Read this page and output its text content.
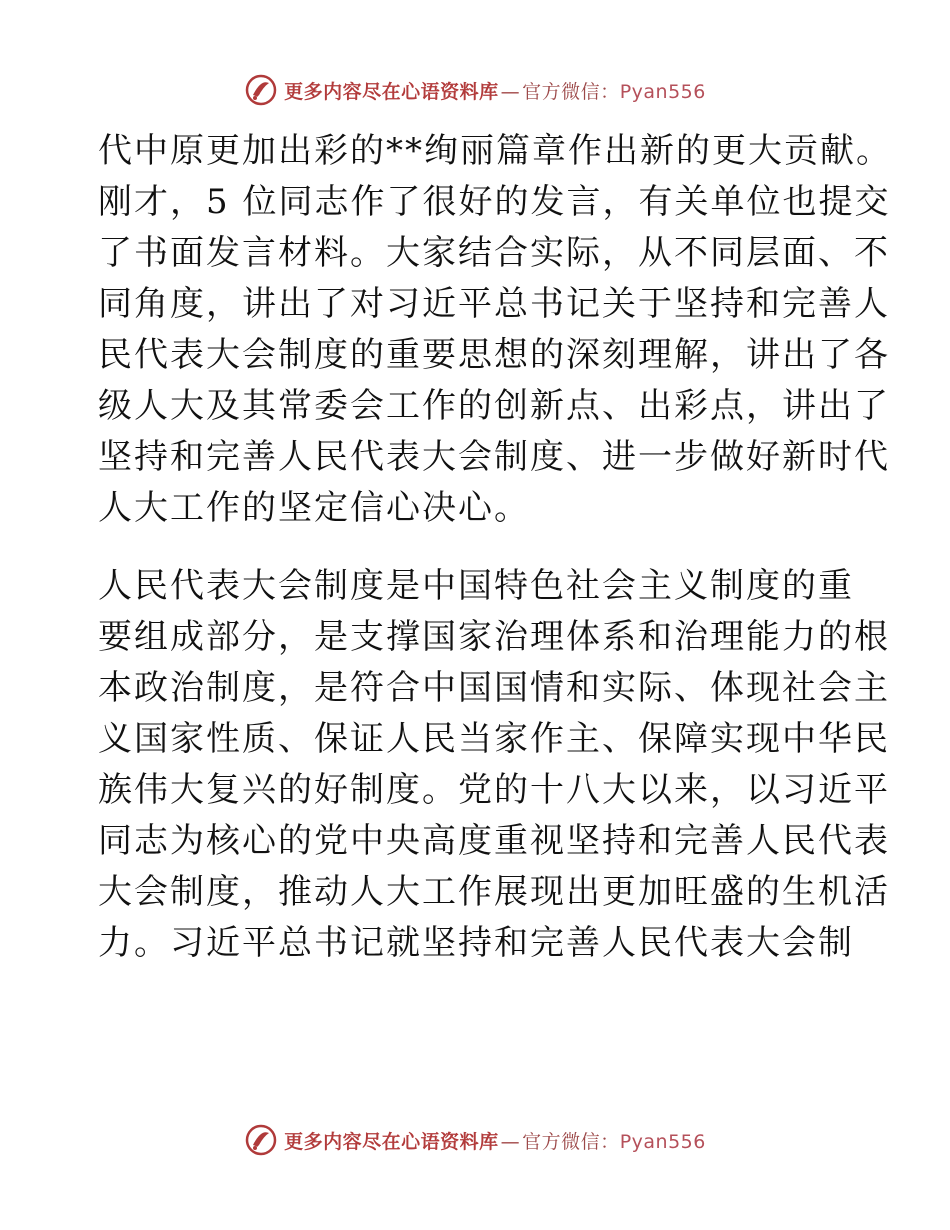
更多内容尽在心语资料库 — 官方微信： Pyan556
代中原更加出彩的**绚丽篇章作出新的更大贡献。
刚才，5 位同志作了很好的发言，有关单位也提交
了书面发言材料。大家结合实际，从不同层面、不
同角度，讲出了对习近平总书记关于坚持和完善人
民代表大会制度的重要思想的深刻理解，讲出了各
级人大及其常委会工作的创新点、出彩点，讲出了
坚持和完善人民代表大会制度、进一步做好新时代
人大工作的坚定信心决心。
人民代表大会制度是中国特色社会主义制度的重
要组成部分，是支撑国家治理体系和治理能力的根
本政治制度，是符合中国国情和实际、体现社会主
义国家性质、保证人民当家作主、保障实现中华民
族伟大复兴的好制度。党的十八大以来，以习近平
同志为核心的党中央高度重视坚持和完善人民代表
大会制度，推动人大工作展现出更加旺盛的生机活
力。习近平总书记就坚持和完善人民代表大会制
更多内容尽在心语资料库 — 官方微信： Pyan556
